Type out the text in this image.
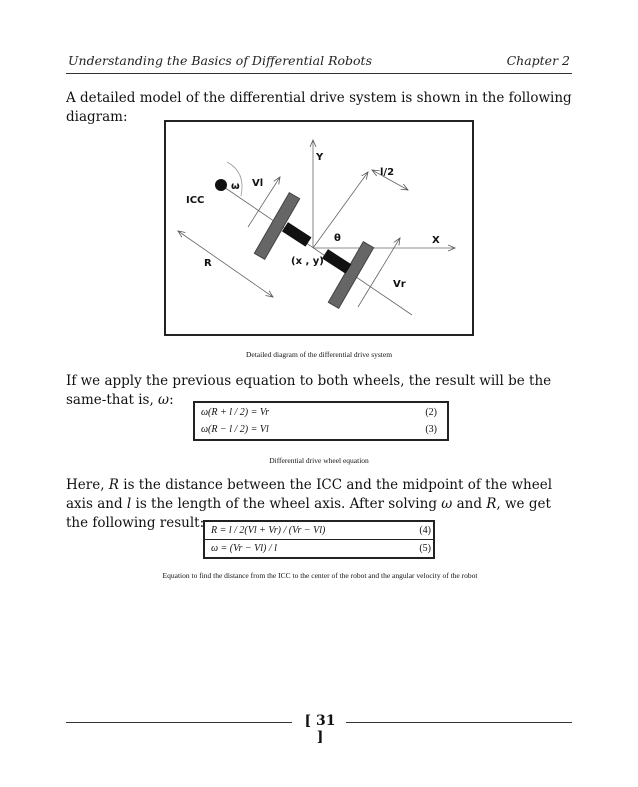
Understanding the Basics of Differential Robots	Chapter 2
A detailed model of the differential drive system is shown in the following diagram:
Y
X
l/2
ω Vl
ICC
θ
R	(x , y)
Vr
Detailed diagram of the differential drive system
If we apply the previous equation to both wheels, the result will be the same-that is, ω:
ω(R + l / 2) = Vr	(2)
ω(R − l / 2) = Vl	(3)
Differential drive wheel equation
Here, R is the distance between the ICC and the midpoint of the wheel axis and l is the length of the wheel axis. After solving ω and R, we get the following result: R = l / 2(Vl + Vr) / (Vr − Vl)	(4)
ω = (Vr − Vl) / l	(5)
Equation to find the distance from the ICC to the center of the robot and the angular velocity of the robot
[ 31 ]
